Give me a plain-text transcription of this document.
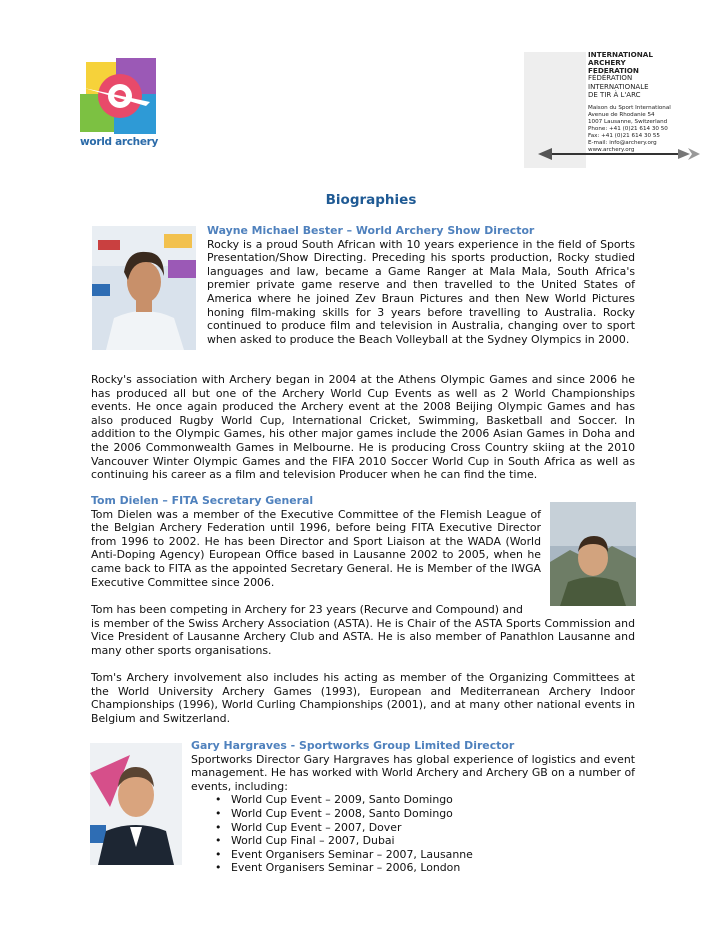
world archery
INTERNATIONAL
ARCHERY
FEDERATION
FÉDÉRATION
INTERNATIONALE
DE TIR À L'ARC
Maison du Sport International
Avenue de Rhodanie 54
1007 Lausanne, Switzerland
Phone: +41 (0)21 614 30 50
Fax: +41 (0)21 614 30 55
E-mail: info@archery.org
www.archery.org
Biographies
Wayne Michael Bester – World Archery Show Director
Rocky is a proud South African with 10 years experience in the field of Sports Presentation/Show Directing. Preceding his sports production, Rocky studied languages and law, became a Game Ranger at Mala Mala, South Africa's premier private game reserve and then travelled to the United States of America where he joined Zev Braun Pictures and then New World Pictures honing film-making skills for 3 years before travelling to Australia. Rocky continued to produce film and television in Australia, changing over to sport when asked to produce the Beach Volleyball at the Sydney Olympics in 2000.
Rocky's association with Archery began in 2004 at the Athens Olympic Games and since 2006 he has produced all but one of the Archery World Cup Events as well as 2 World Championships events. He once again produced the Archery event at the 2008 Beijing Olympic Games and has also produced Rugby World Cup, International Cricket, Swimming, Basketball and Soccer. In addition to the Olympic Games, his other major games include the 2006 Asian Games in Doha and the 2006 Commonwealth Games in Melbourne. He is producing Cross Country skiing at the 2010 Vancouver Winter Olympic Games and the FIFA 2010 Soccer World Cup in South Africa as well as continuing his career as a film and television Producer when he can find the time.
Tom Dielen – FITA Secretary General
Tom Dielen was a member of the Executive Committee of the Flemish League of the Belgian Archery Federation until 1996, before being FITA Executive Director from 1996 to 2002. He has been Director and Sport Liaison at the WADA (World Anti-Doping Agency) European Office based in Lausanne 2002 to 2005, when he came back to FITA as the appointed Secretary General. He is Member of the IWGA Executive Committee since 2006.
Tom has been competing in Archery for 23 years (Recurve and Compound) and
is member of the Swiss Archery Association (ASTA). He is Chair of the ASTA Sports Commission and Vice President of Lausanne Archery Club and ASTA. He is also member of Panathlon Lausanne and many other sports organisations.
Tom's Archery involvement also includes his acting as member of the Organizing Committees at the World University Archery Games (1993), European and Mediterranean Archery Indoor Championships (1996), World Curling Championships (2001), and at many other national events in Belgium and Switzerland.
Gary Hargraves - Sportworks Group Limited Director
Sportworks Director Gary Hargraves has global experience of logistics and event management. He has worked with World Archery and Archery GB on a number of events, including:
• World Cup Event – 2009, Santo Domingo
• World Cup Event – 2008, Santo Domingo
• World Cup Event – 2007, Dover
• World Cup Final – 2007, Dubai
• Event Organisers Seminar – 2007, Lausanne
• Event Organisers Seminar – 2006, London
